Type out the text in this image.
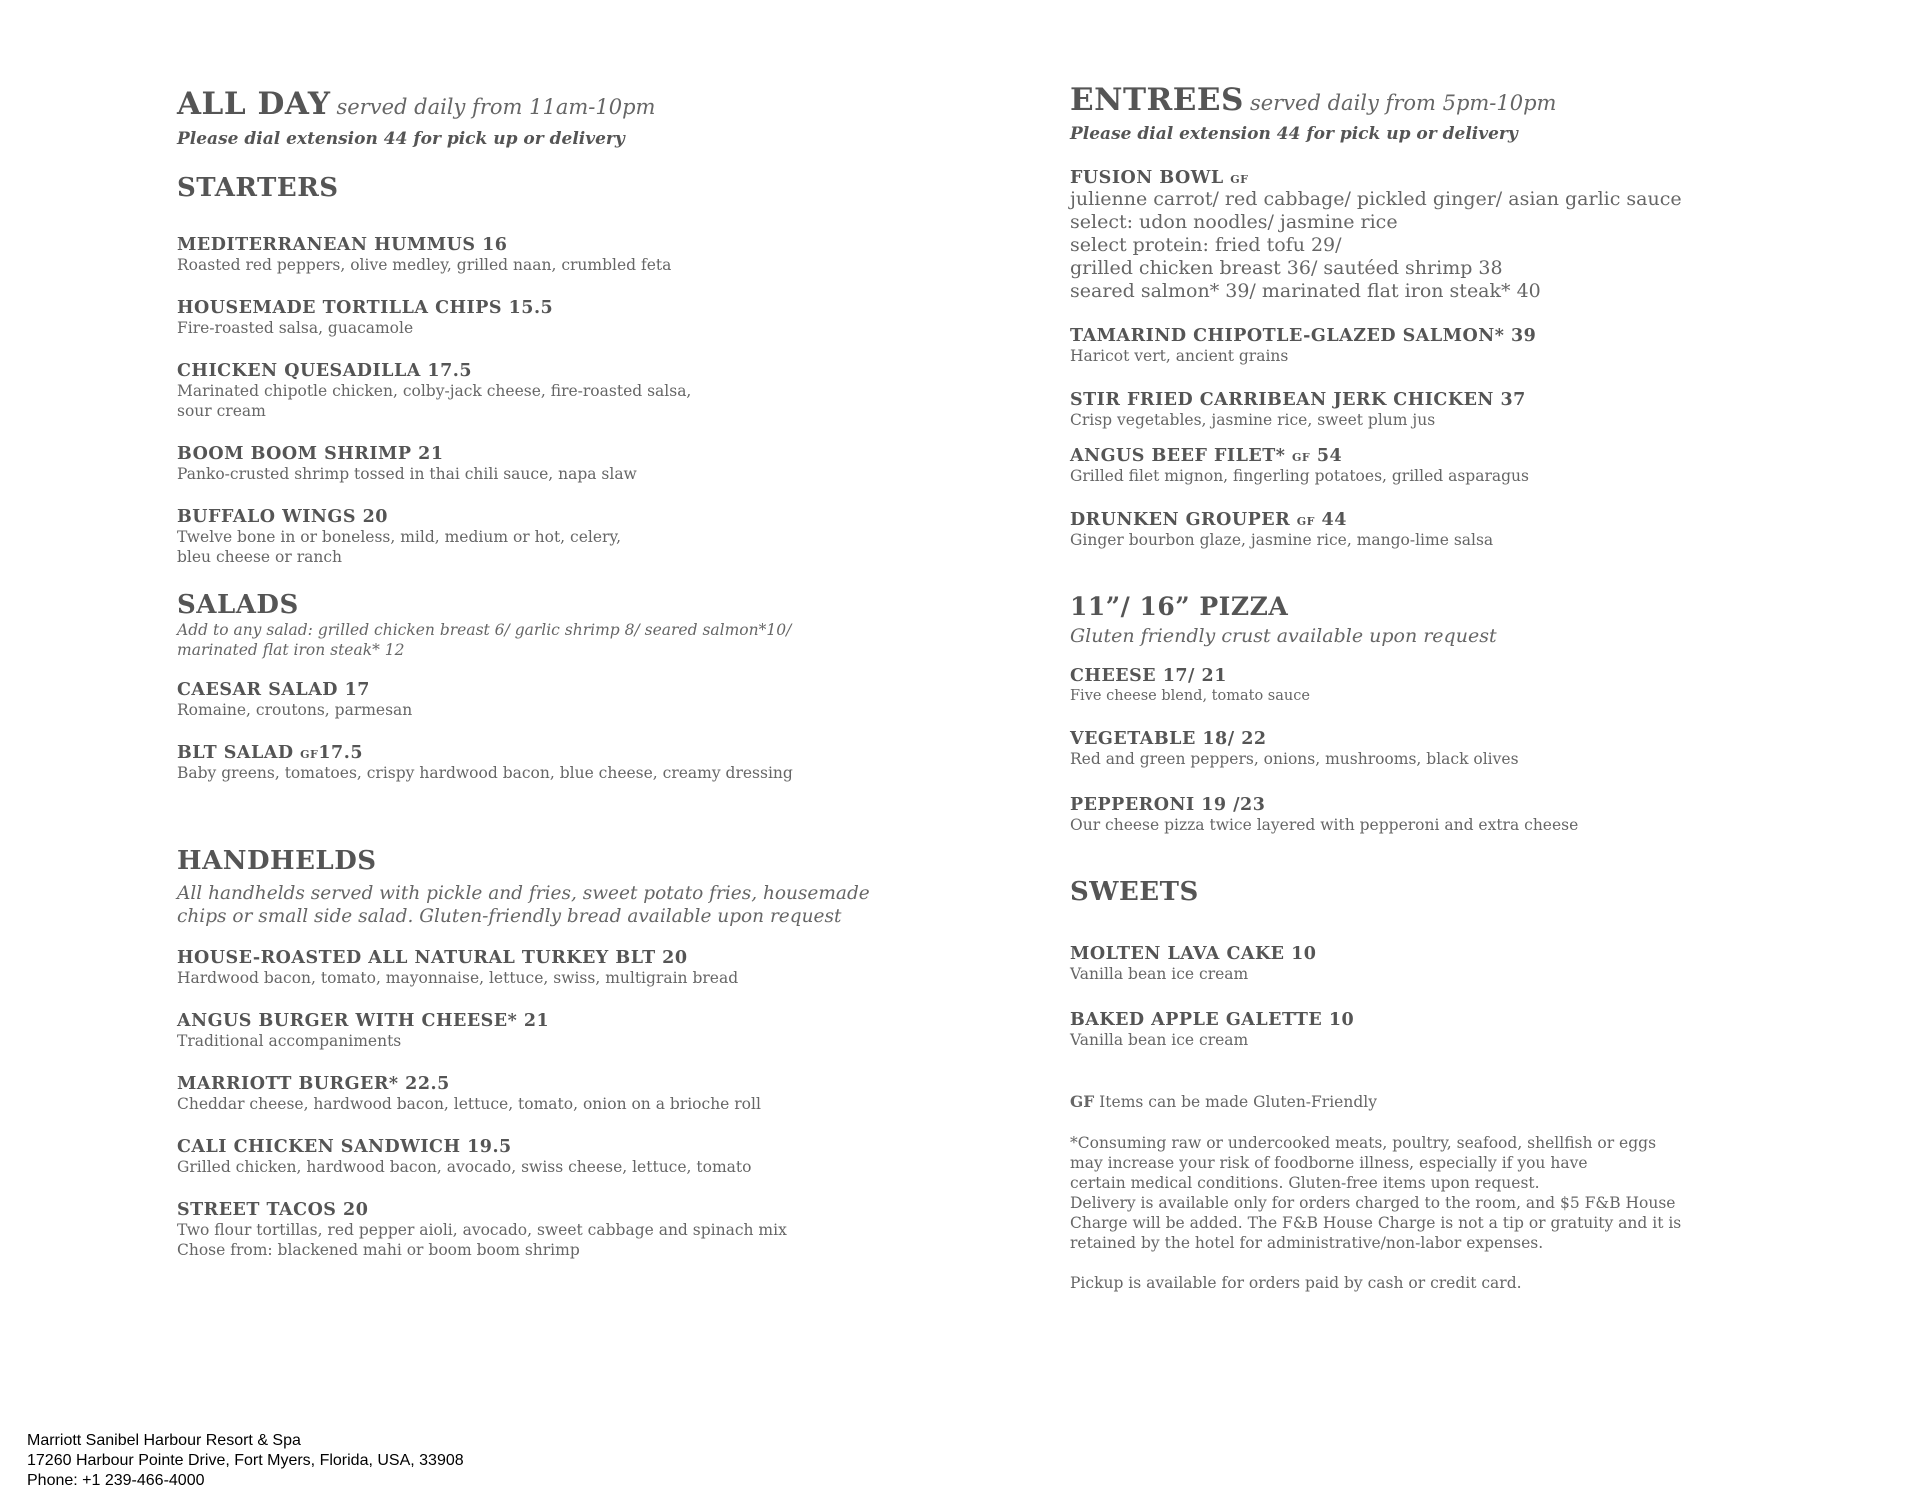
ALL DAY served daily from 11am-10pm
Please dial extension 44 for pick up or delivery
STARTERS
MEDITERRANEAN HUMMUS 16
Roasted red peppers, olive medley, grilled naan, crumbled feta
HOUSEMADE TORTILLA CHIPS 15.5
Fire-roasted salsa, guacamole
CHICKEN QUESADILLA 17.5
Marinated chipotle chicken, colby-jack cheese, fire-roasted salsa,
sour cream
BOOM BOOM SHRIMP 21
Panko-crusted shrimp tossed in thai chili sauce, napa slaw
BUFFALO WINGS 20
Twelve bone in or boneless, mild, medium or hot, celery,
bleu cheese or ranch
SALADS
Add to any salad: grilled chicken breast 6/ garlic shrimp 8/ seared salmon*10/
marinated flat iron steak* 12
CAESAR SALAD 17
Romaine, croutons, parmesan
BLT SALAD GF17.5
Baby greens, tomatoes, crispy hardwood bacon, blue cheese, creamy dressing
HANDHELDS
All handhelds served with pickle and fries, sweet potato fries, housemade
chips or small side salad. Gluten-friendly bread available upon request
HOUSE-ROASTED ALL NATURAL TURKEY BLT 20
Hardwood bacon, tomato, mayonnaise, lettuce, swiss, multigrain bread
ANGUS BURGER WITH CHEESE* 21
Traditional accompaniments
MARRIOTT BURGER* 22.5
Cheddar cheese, hardwood bacon, lettuce, tomato, onion on a brioche roll
CALI CHICKEN SANDWICH 19.5
Grilled chicken, hardwood bacon, avocado, swiss cheese, lettuce, tomato
STREET TACOS 20
Two flour tortillas, red pepper aioli, avocado, sweet cabbage and spinach mix
Chose from: blackened mahi or boom boom shrimp
ENTREES served daily from 5pm-10pm
Please dial extension 44 for pick up or delivery
FUSION BOWL GF
julienne carrot/ red cabbage/ pickled ginger/ asian garlic sauce
select: udon noodles/ jasmine rice
select protein: fried tofu 29/
grilled chicken breast 36/ sautéed shrimp 38
seared salmon* 39/ marinated flat iron steak* 40
TAMARIND CHIPOTLE-GLAZED SALMON* 39
Haricot vert, ancient grains
STIR FRIED CARRIBEAN JERK CHICKEN 37
Crisp vegetables, jasmine rice, sweet plum jus
ANGUS BEEF FILET* GF 54
Grilled filet mignon, fingerling potatoes, grilled asparagus
DRUNKEN GROUPER GF 44
Ginger bourbon glaze, jasmine rice, mango-lime salsa
11”/ 16” PIZZA
Gluten friendly crust available upon request
CHEESE 17/ 21
Five cheese blend, tomato sauce
VEGETABLE 18/ 22
Red and green peppers, onions, mushrooms, black olives
PEPPERONI 19 /23
Our cheese pizza twice layered with pepperoni and extra cheese
SWEETS
MOLTEN LAVA CAKE 10
Vanilla bean ice cream
BAKED APPLE GALETTE 10
Vanilla bean ice cream
GF Items can be made Gluten-Friendly
*Consuming raw or undercooked meats, poultry, seafood, shellfish or eggs
may increase your risk of foodborne illness, especially if you have
certain medical conditions. Gluten-free items upon request.
Delivery is available only for orders charged to the room, and $5 F&B House
Charge will be added. The F&B House Charge is not a tip or gratuity and it is
retained by the hotel for administrative/non-labor expenses.
Pickup is available for orders paid by cash or credit card.
Marriott Sanibel Harbour Resort & Spa
17260 Harbour Pointe Drive, Fort Myers, Florida, USA, 33908
Phone: +1 239-466-4000
